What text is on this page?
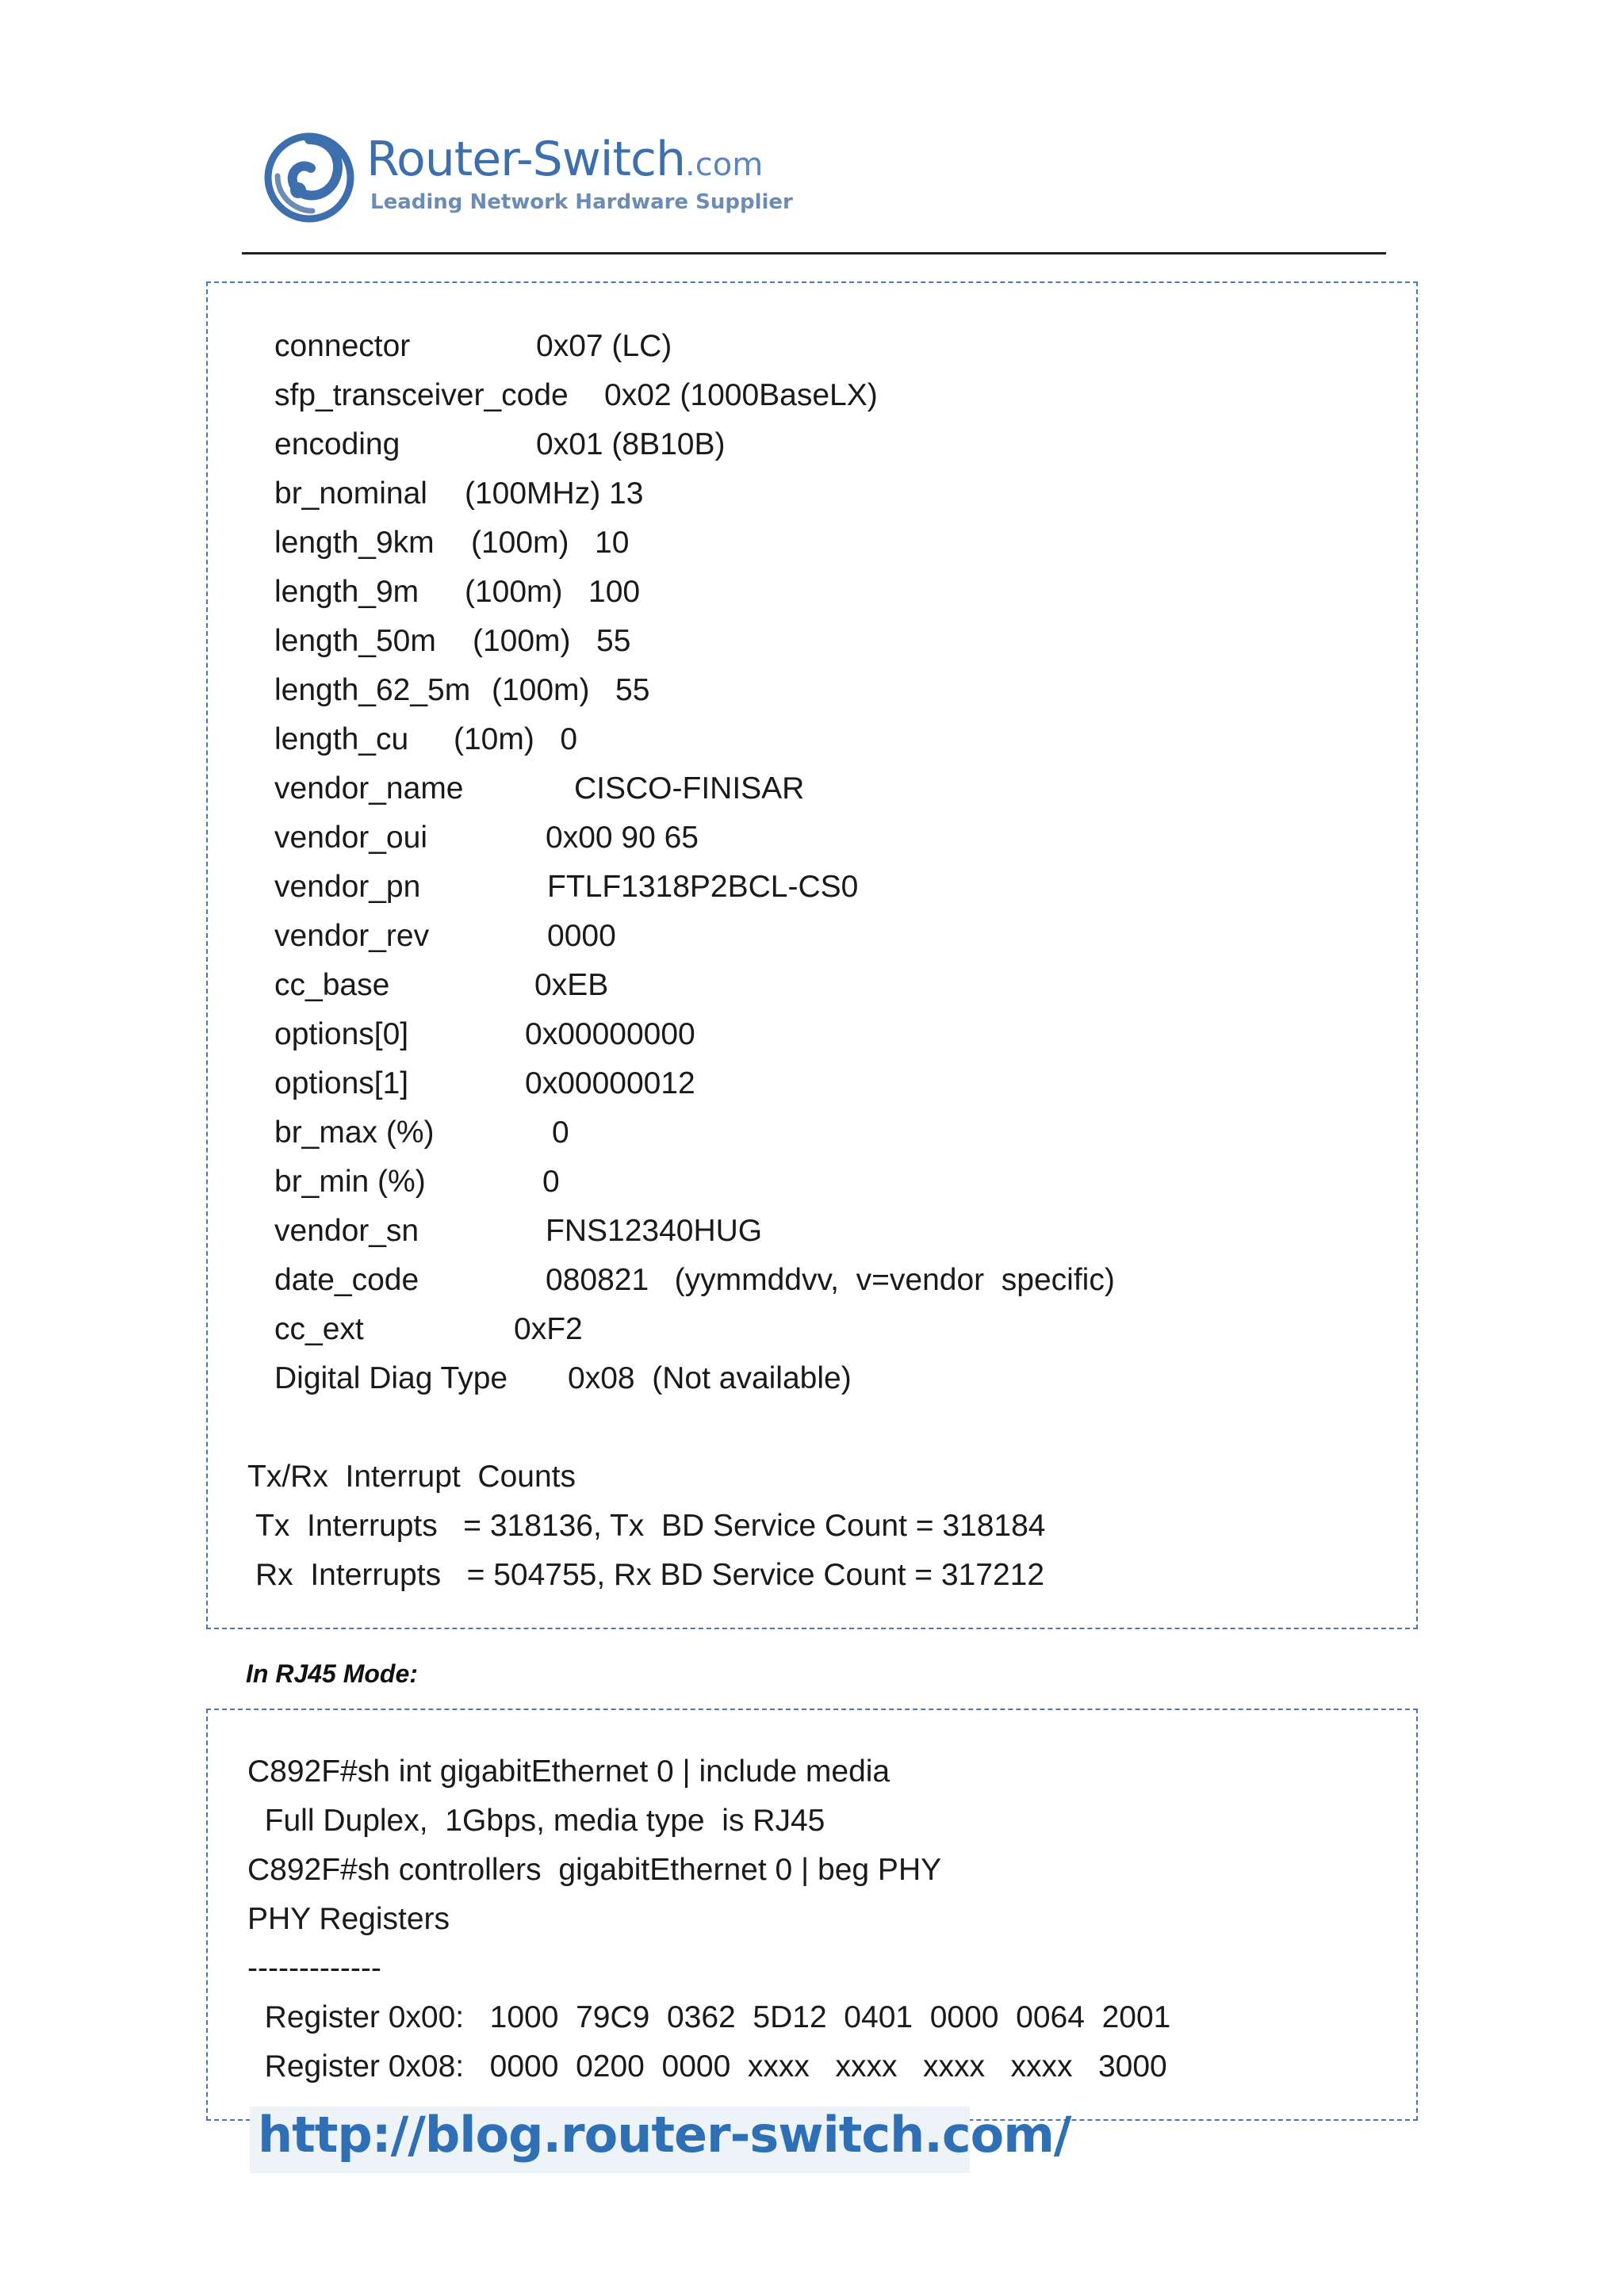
Router-Switch.com
Leading Network Hardware Supplier
connector	0x07 (LC)
sfp_transceiver_code 0x02 (1000BaseLX)
encoding	0x01 (8B10B)
br_nominal (100MHz) 13
length_9km (100m)   10
length_9m (100m)   100
length_50m (100m)   55
length_62_5m (100m)   55
length_cu (10m)   0
vendor_name	CISCO-FINISAR
vendor_oui	0x00 90 65
vendor_pn	FTLF1318P2BCL-CS0
vendor_rev	0000
cc_base	0xEB
options[0]	0x00000000
options[1]	0x00000012
br_max (%)	0
br_min (%)	0
vendor_sn	FNS12340HUG
date_code	080821   (yymmddvv,  v=vendor  specific)
cc_ext	0xF2
Digital Diag Type 0x08  (Not available)
Tx/Rx  Interrupt  Counts
Tx  Interrupts   = 318136, Tx  BD Service Count = 318184
Rx  Interrupts   = 504755, Rx BD Service Count = 317212
In RJ45 Mode:
C892F#sh int gigabitEthernet 0 | include media
Full Duplex,  1Gbps, media type  is RJ45
C892F#sh controllers  gigabitEthernet 0 | beg PHY
PHY Registers
-------------
Register 0x00:   1000  79C9  0362  5D12  0401  0000  0064  2001
Register 0x08:   0000  0200  0000  xxxx   xxxx   xxxx   xxxx   3000
http://blog.router-switch.com/
